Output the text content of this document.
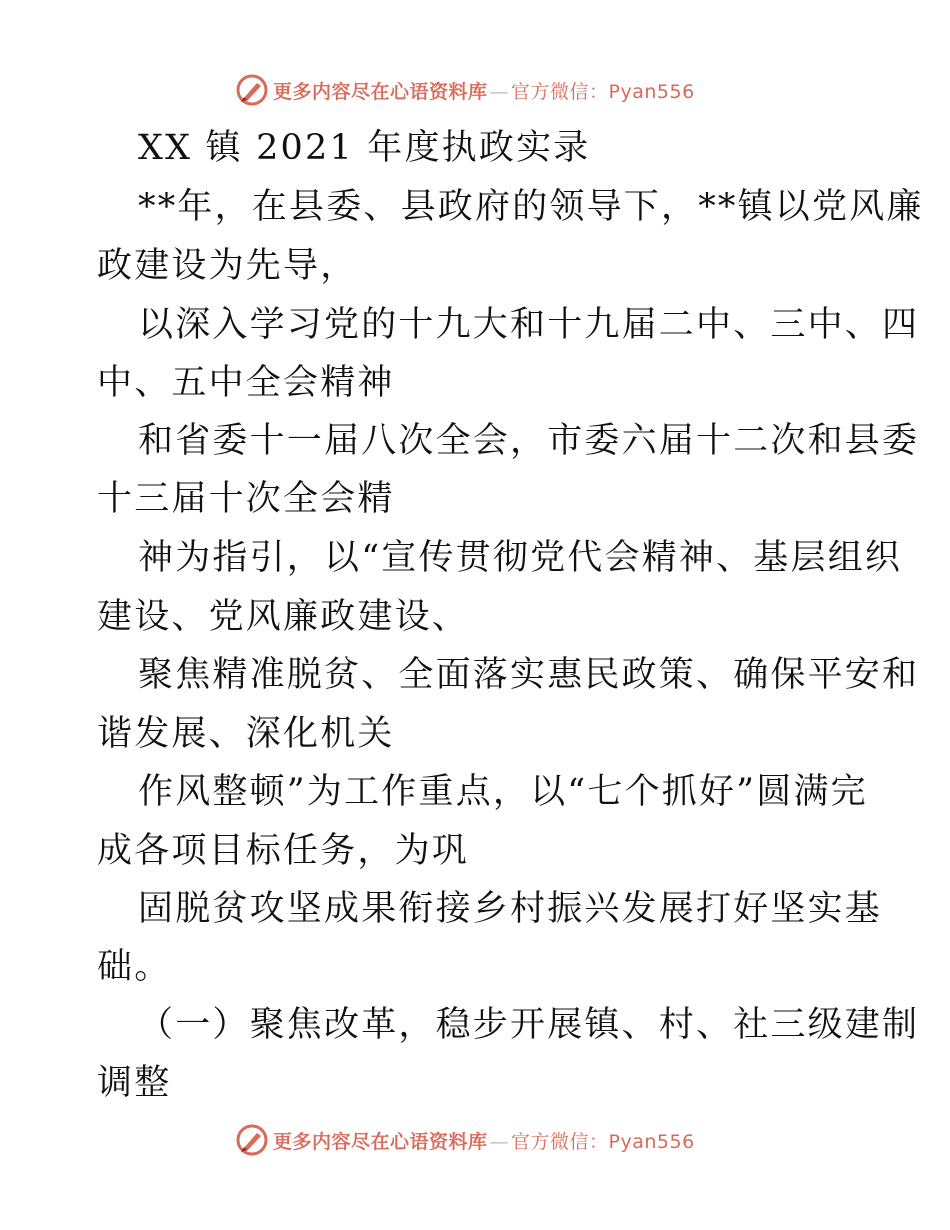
更多内容尽在心语资料库 — 官方微信：Pyan556
XX 镇 2021 年度执政实录
**年，在县委、县政府的领导下，**镇以党风廉
政建设为先导，
以深入学习党的十九大和十九届二中、三中、四
中、五中全会精神
和省委十一届八次全会，市委六届十二次和县委
十三届十次全会精
神为指引，以“宣传贯彻党代会精神、基层组织
建设、党风廉政建设、
聚焦精准脱贫、全面落实惠民政策、确保平安和
谐发展、深化机关
作风整顿”为工作重点，以“七个抓好”圆满完
成各项目标任务，为巩
固脱贫攻坚成果衔接乡村振兴发展打好坚实基
础。
（一）聚焦改革，稳步开展镇、村、社三级建制
调整
更多内容尽在心语资料库 — 官方微信：Pyan556
